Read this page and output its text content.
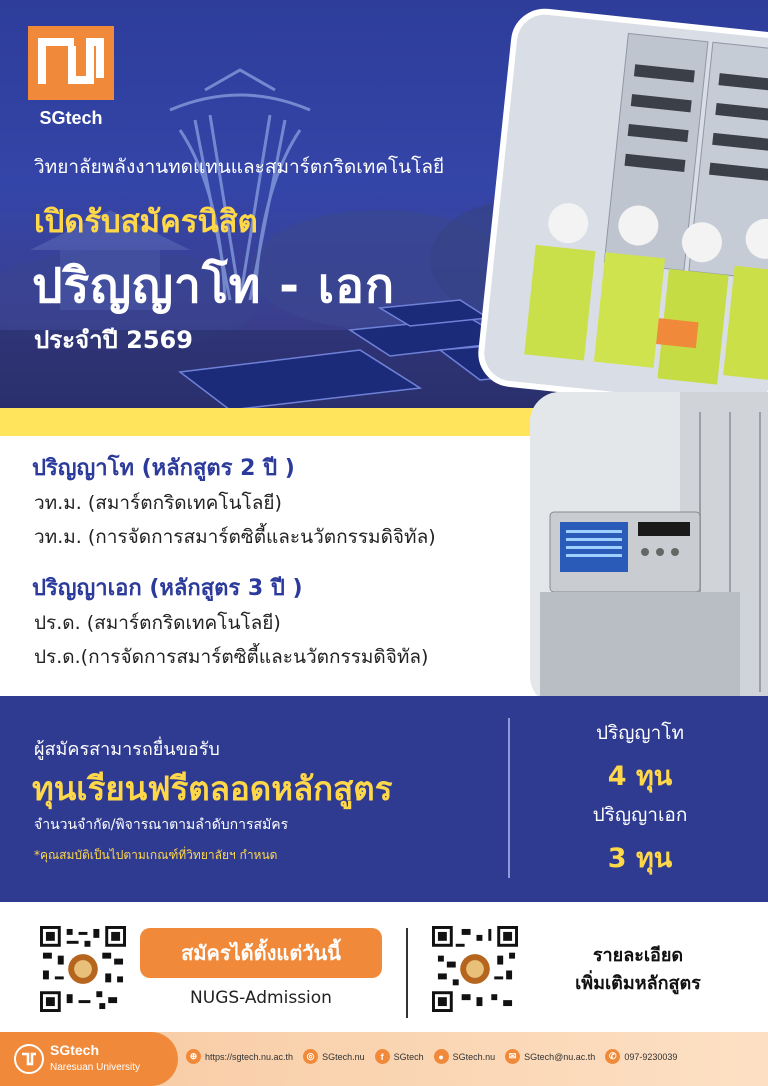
SGtech
วิทยาลัยพลังงานทดแทนและสมาร์ตกริดเทคโนโลยี
เปิดรับสมัครนิสิต
ปริญญาโท - เอก
ประจำปี 2569
ปริญญาโท (หลักสูตร 2 ปี )
วท.ม. (สมาร์ตกริดเทคโนโลยี)
วท.ม. (การจัดการสมาร์ตซิตี้และนวัตกรรมดิจิทัล)
ปริญญาเอก (หลักสูตร 3 ปี )
ปร.ด. (สมาร์ตกริดเทคโนโลยี)
ปร.ด.(การจัดการสมาร์ตซิตี้และนวัตกรรมดิจิทัล)
ผู้สมัครสามารถยื่นขอรับ
ทุนเรียนฟรีตลอดหลักสูตร
จำนวนจำกัด/พิจารณาตามลำดับการสมัคร
*คุณสมบัติเป็นไปตามเกณฑ์ที่วิทยาลัยฯ กำหนด
ปริญญาโท
4 ทุน
ปริญญาเอก
3 ทุน
สมัครได้ตั้งแต่วันนี้
NUGS-Admission
รายละเอียด
เพิ่มเติมหลักสูตร
SGtech
Naresuan University
⊕ https://sgtech.nu.ac.th	◎ SGtech.nu	f	SGtech	● SGtech.nu	✉ SGtech@nu.ac.th	✆ 097-9230039
